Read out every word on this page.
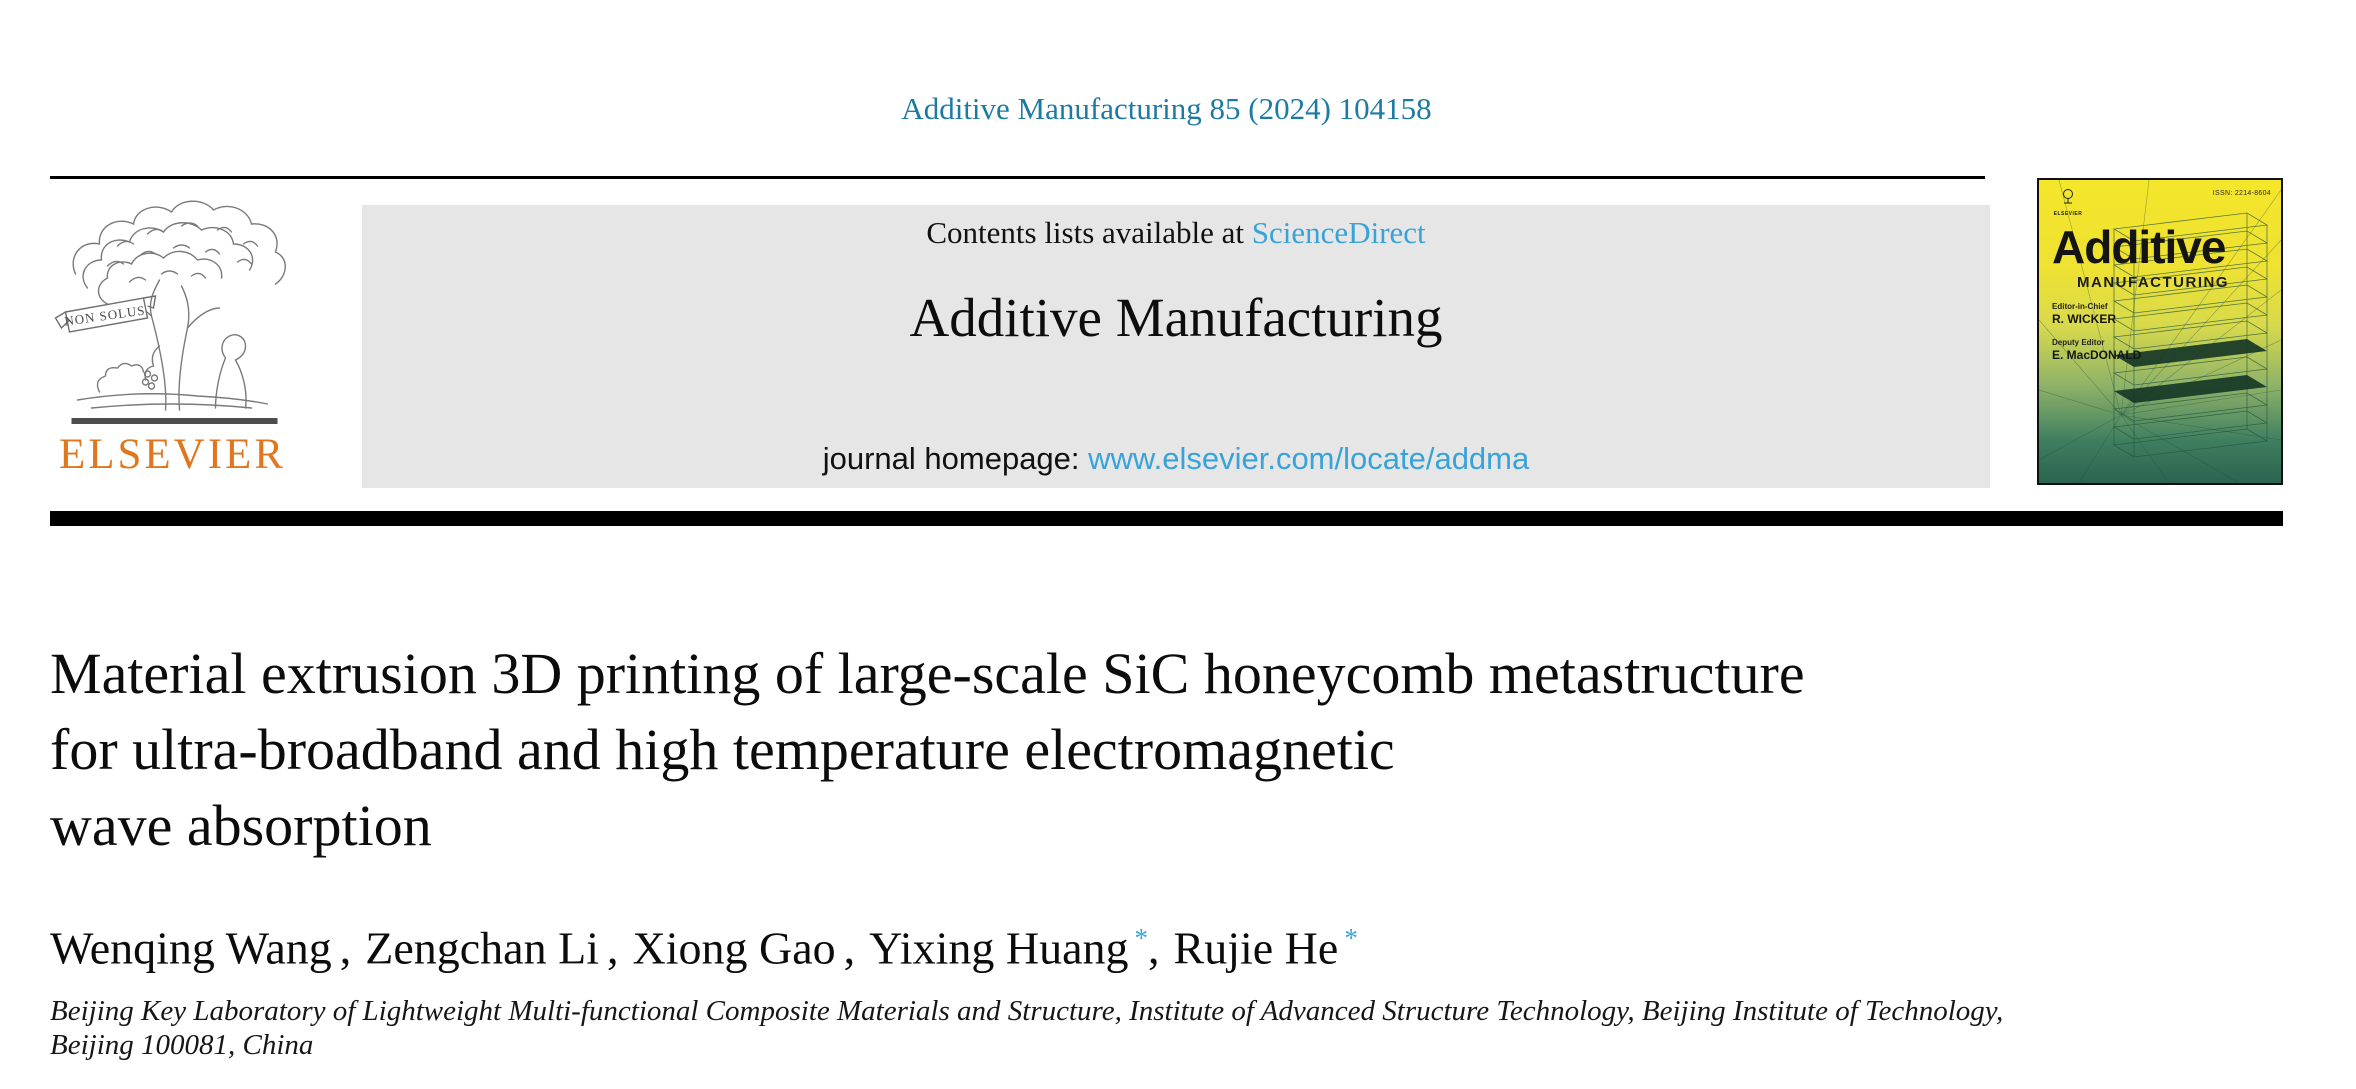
Additive Manufacturing 85 (2024) 104158
NON SOLUS
ELSEVIER
Contents lists available at ScienceDirect
Additive Manufacturing
journal homepage: www.elsevier.com/locate/addma
ELSEVIER
ISSN: 2214-8604
Additive
MANUFACTURING
Editor-in-Chief
R. WICKER
Deputy Editor
E. MacDONALD
Material extrusion 3D printing of large-scale SiC honeycomb metastructure
for ultra-broadband and high temperature electromagnetic
wave absorption
Wenqing Wang , Zengchan Li , Xiong Gao , Yixing Huang *, Rujie He *
Beijing Key Laboratory of Lightweight Multi-functional Composite Materials and Structure, Institute of Advanced Structure Technology, Beijing Institute of Technology,
Beijing 100081, China
